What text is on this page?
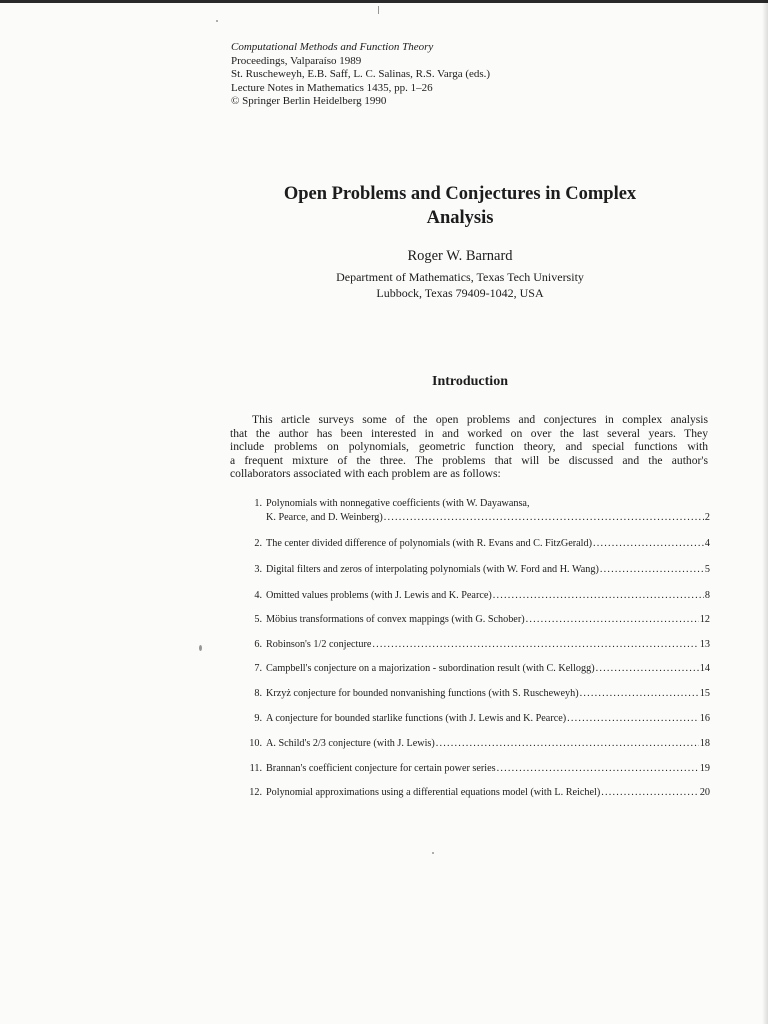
Computational Methods and Function Theory
Proceedings, Valparaíso 1989
St. Ruscheweyh, E.B. Saff, L. C. Salinas, R.S. Varga (eds.)
Lecture Notes in Mathematics 1435, pp. 1–26
© Springer Berlin Heidelberg 1990
Open Problems and Conjectures in Complex
Analysis
Roger W. Barnard
Department of Mathematics, Texas Tech University
Lubbock, Texas 79409-1042, USA
Introduction
This article surveys some of the open problems and conjectures in complex analysis
that the author has been interested in and worked on over the last several years. They
include problems on polynomials, geometric function theory, and special functions with
a frequent mixture of the three. The problems that will be discussed and the author's
collaborators associated with each problem are as follows:
1. Polynomials with nonnegative coefficients (with W. Dayawansa,
K. Pearce, and D. Weinberg) .....	2
2. The center divided difference of polynomials (with R. Evans and C. FitzGerald) .....	4
3. Digital filters and zeros of interpolating polynomials (with W. Ford and H. Wang) .....	5
4. Omitted values problems (with J. Lewis and K. Pearce) .....	8
5. Möbius transformations of convex mappings (with G. Schober) .....	12
6. Robinson's 1/2 conjecture .....	13
7. Campbell's conjecture on a majorization - subordination result (with C. Kellogg) .....	14
8. Krzyż conjecture for bounded nonvanishing functions (with S. Ruscheweyh) .....	15
9. A conjecture for bounded starlike functions (with J. Lewis and K. Pearce) .....	16
10. A. Schild's 2/3 conjecture (with J. Lewis) .....	18
11. Brannan's coefficient conjecture for certain power series .....	19
12. Polynomial approximations using a differential equations model (with L. Reichel) .....	20
